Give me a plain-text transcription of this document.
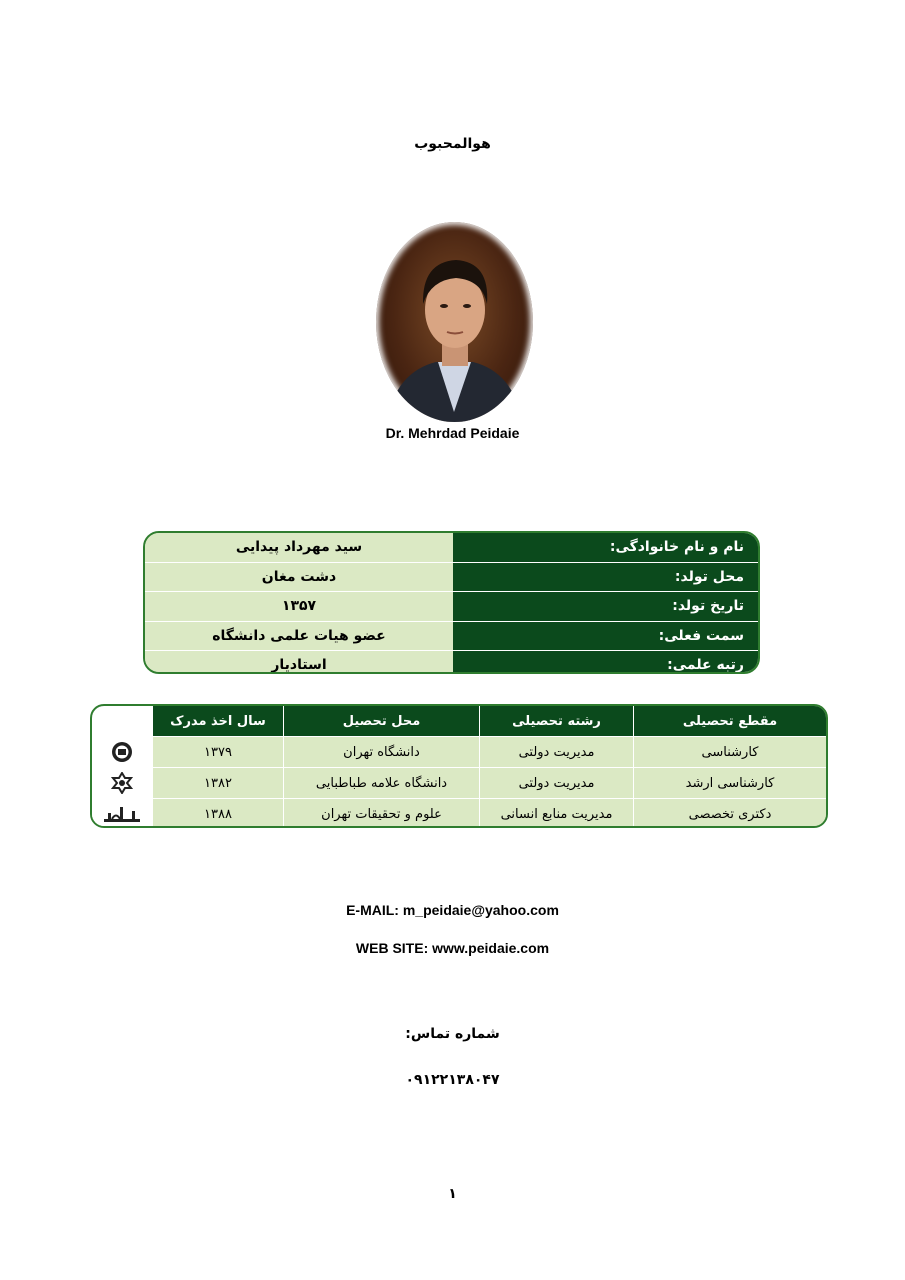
هوالمحبوب
Dr. Mehrdad Peidaie
نام و نام خانوادگی:
سید مهرداد پیدایی
محل تولد:
دشت مغان
تاریخ تولد:
۱۳۵۷
سمت فعلی:
عضو هیات علمی دانشگاه
رتبه علمی:
استادیار
مقطع تحصیلی
رشته تحصیلی
محل تحصیل
سال اخذ مدرک
کارشناسی
مدیریت دولتی
دانشگاه تهران
۱۳۷۹
کارشناسی ارشد
مدیریت دولتی
دانشگاه علامه طباطبایی
۱۳۸۲
دکتری تخصصی
مدیریت منابع انسانی
علوم و تحقیقات تهران
۱۳۸۸
E-MAIL: m_peidaie@yahoo.com
WEB SITE: www.peidaie.com
شماره تماس:
۰۹۱۲۲۱۳۸۰۴۷
۱
